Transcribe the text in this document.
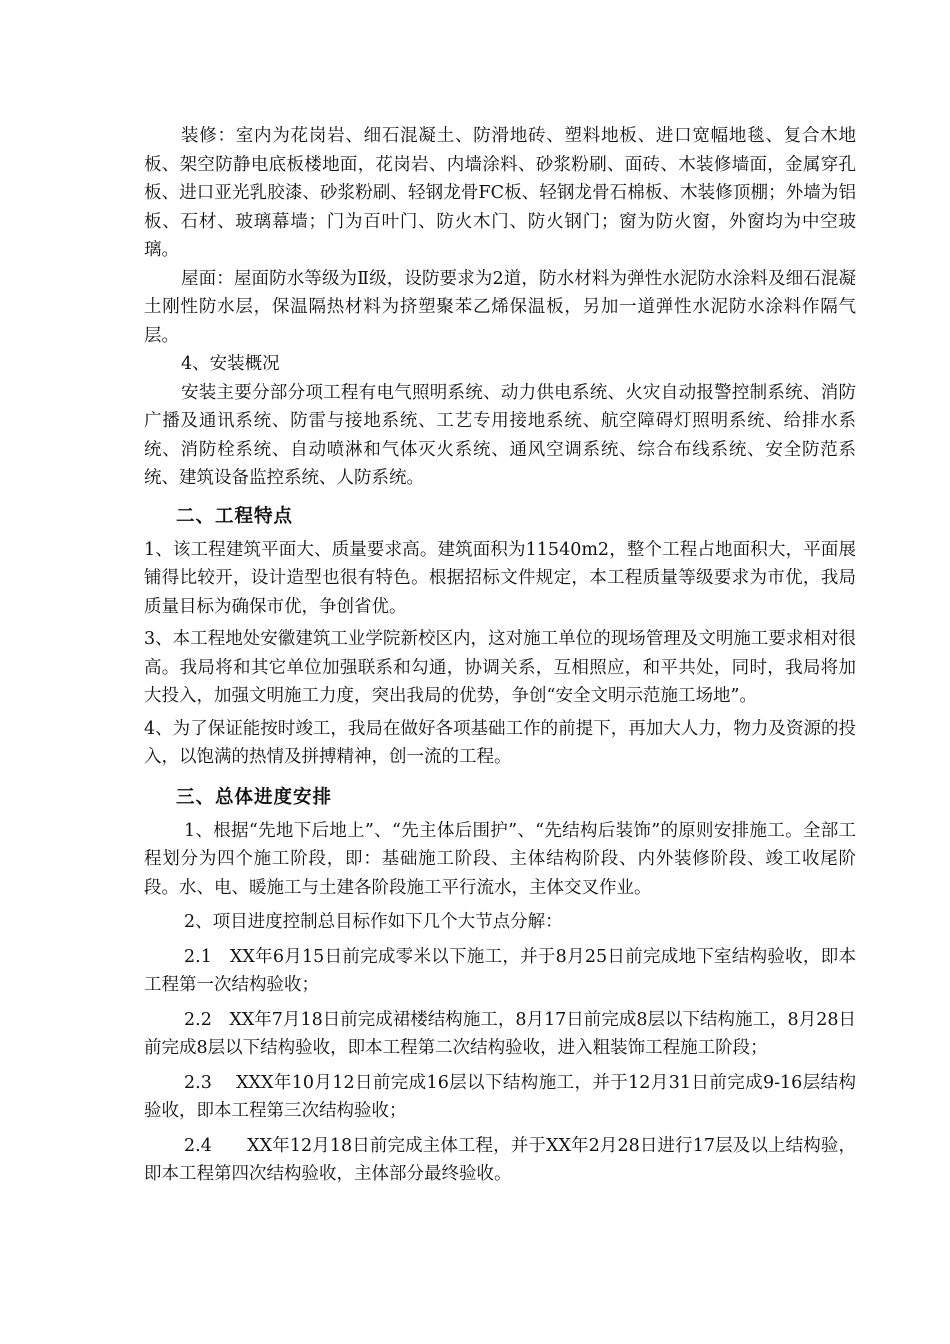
装修：室内为花岗岩、细石混凝土、防滑地砖、塑料地板、进口宽幅地毯、复合木地板、架空防静电底板楼地面，花岗岩、内墙涂料、砂浆粉刷、面砖、木装修墙面，金属穿孔板、进口亚光乳胶漆、砂浆粉刷、轻钢龙骨FC板、轻钢龙骨石棉板、木装修顶棚；外墙为铝板、石材、玻璃幕墙；门为百叶门、防火木门、防火钢门；窗为防火窗，外窗均为中空玻璃。

屋面：屋面防水等级为Ⅱ级，设防要求为2道，防水材料为弹性水泥防水涂料及细石混凝土刚性防水层，保温隔热材料为挤塑聚苯乙烯保温板，另加一道弹性水泥防水涂料作隔气层。

4、安装概况

安装主要分部分项工程有电气照明系统、动力供电系统、火灾自动报警控制系统、消防广播及通讯系统、防雷与接地系统、工艺专用接地系统、航空障碍灯照明系统、给排水系统、消防栓系统、自动喷淋和气体灭火系统、通风空调系统、综合布线系统、安全防范系统、建筑设备监控系统、人防系统。

二、工程特点

1、该工程建筑平面大、质量要求高。建筑面积为11540m2，整个工程占地面积大，平面展铺得比较开，设计造型也很有特色。根据招标文件规定，本工程质量等级要求为市优，我局质量目标为确保市优，争创省优。

3、本工程地处安徽建筑工业学院新校区内，这对施工单位的现场管理及文明施工要求相对很高。我局将和其它单位加强联系和勾通，协调关系，互相照应，和平共处，同时，我局将加大投入，加强文明施工力度，突出我局的优势，争创“安全文明示范施工场地”。

4、为了保证能按时竣工，我局在做好各项基础工作的前提下，再加大人力，物力及资源的投入，以饱满的热情及拼搏精神，创一流的工程。

三、总体进度安排

1、根据“先地下后地上”、“先主体后围护”、“先结构后装饰”的原则安排施工。全部工程划分为四个施工阶段，即：基础施工阶段、主体结构阶段、内外装修阶段、竣工收尾阶段。水、电、暖施工与土建各阶段施工平行流水，主体交叉作业。

2、项目进度控制总目标作如下几个大节点分解：

2.1　XX年6月15日前完成零米以下施工，并于8月25日前完成地下室结构验收，即本工程第一次结构验收；

2.2　XX年7月18日前完成裙楼结构施工，8月17日前完成8层以下结构施工，8月28日前完成8层以下结构验收，即本工程第二次结构验收，进入粗装饰工程施工阶段；

2.3　 XXX年10月12日前完成16层以下结构施工，并于12月31日前完成9-16层结构验收，即本工程第三次结构验收；

2.4　　XX年12月18日前完成主体工程，并于XX年2月28日进行17层及以上结构验，即本工程第四次结构验收，主体部分最终验收。
